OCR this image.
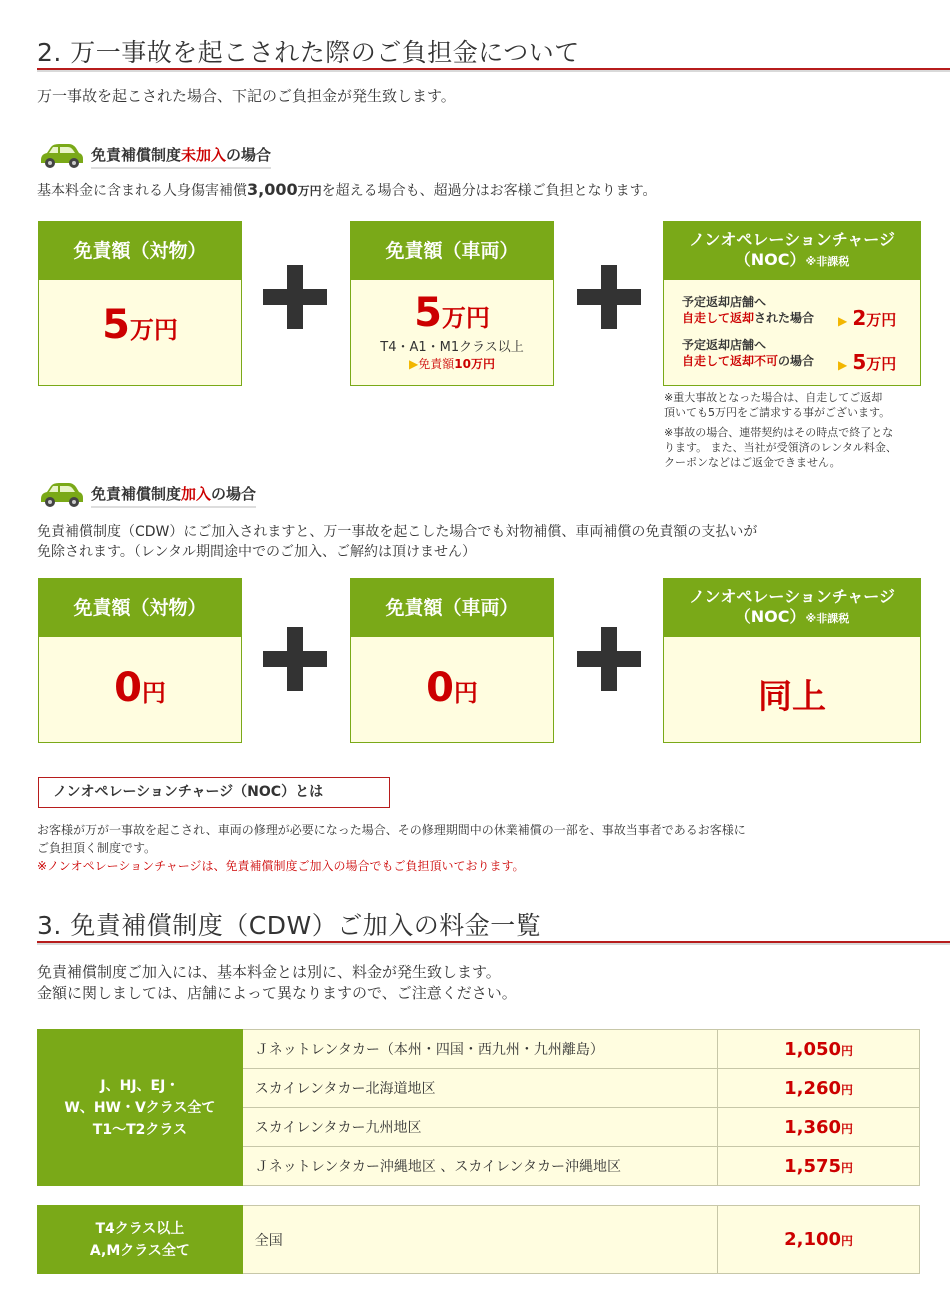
2. 万一事故を起こされた際のご負担金について
万一事故を起こされた場合、下記のご負担金が発生致します。
免責補償制度未加入の場合
基本料金に含まれる人身傷害補償3,000万円を超える場合も、超過分はお客様ご負担となります。
免責額（対物）
5万円
免責額（車両）
5万円
T4・A1・M1クラス以上
▶免責額10万円
ノンオペレーションチャージ
（NOC）※非課税
予定返却店舗へ
自走して返却された場合 ▶ 2万円
予定返却店舗へ
自走して返却不可の場合 ▶ 5万円
※重大事故となった場合は、自走してご返却
頂いても5万円をご請求する事がございます。
※事故の場合、連帯契約はその時点で終了とな
ります。 また、当社が受領済のレンタル料金、
クーポンなどはご返金できません。
免責補償制度加入の場合
免責補償制度（CDW）にご加入されますと、万一事故を起こした場合でも対物補償、車両補償の免責額の支払いが
免除されます。（レンタル期間途中でのご加入、ご解約は頂けません）
免責額（対物）
0円
免責額（車両）
0円
ノンオペレーションチャージ
（NOC）※非課税
同上
ノンオペレーションチャージ（NOC）とは
お客様が万が一事故を起こされ、車両の修理が必要になった場合、その修理期間中の休業補償の一部を、事故当事者であるお客様に
ご負担頂く制度です。
※ノンオペレーションチャージは、免責補償制度ご加入の場合でもご負担頂いております。
3. 免責補償制度（CDW）ご加入の料金一覧
免責補償制度ご加入には、基本料金とは別に、料金が発生致します。
金額に関しましては、店舗によって異なりますので、ご注意ください。
J、HJ、EJ・
W、HW・Vクラス全て
T1～T2クラス	Ｊネットレンタカー（本州・四国・西九州・九州離島）	1,050円
	スカイレンタカー北海道地区	1,260円
	スカイレンタカー九州地区	1,360円
	Ｊネットレンタカー沖縄地区 、スカイレンタカー沖縄地区	1,575円
T4クラス以上
A,Mクラス全て
	全国	2,100円
